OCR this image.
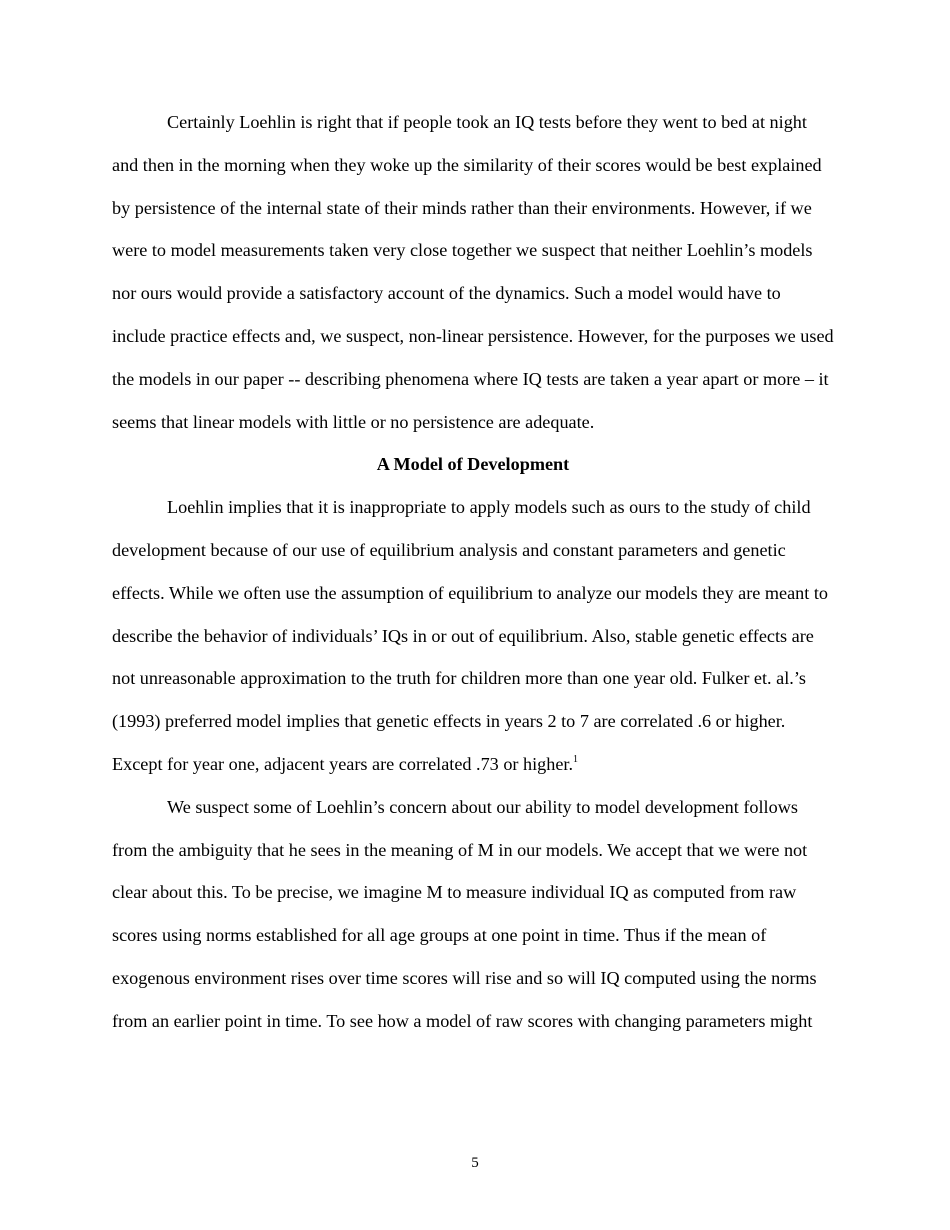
Certainly Loehlin is right that if people took an IQ tests before they went to bed at night and then in the morning when they woke up the similarity of their scores would be best explained by persistence of the internal state of their minds rather than their environments. However, if we were to model measurements taken very close together we suspect that neither Loehlin’s models nor ours would provide a satisfactory account of the dynamics. Such a model would have to include practice effects and, we suspect, non-linear persistence. However, for the purposes we used the models in our paper -- describing phenomena where IQ tests are taken a year apart or more – it seems that linear models with little or no persistence are adequate.

A Model of Development

Loehlin implies that it is inappropriate to apply models such as ours to the study of child development because of our use of equilibrium analysis and constant parameters and genetic effects. While we often use the assumption of equilibrium to analyze our models they are meant to describe the behavior of individuals’ IQs in or out of equilibrium. Also, stable genetic effects are not unreasonable approximation to the truth for children more than one year old. Fulker et. al.’s (1993) preferred model implies that genetic effects in years 2 to 7 are correlated .6 or higher. Except for year one, adjacent years are correlated .73 or higher.$^1$

We suspect some of Loehlin’s concern about our ability to model development follows from the ambiguity that he sees in the meaning of M in our models. We accept that we were not clear about this. To be precise, we imagine M to measure individual IQ as computed from raw scores using norms established for all age groups at one point in time. Thus if the mean of exogenous environment rises over time scores will rise and so will IQ computed using the norms from an earlier point in time. To see how a model of raw scores with changing parameters might

5
